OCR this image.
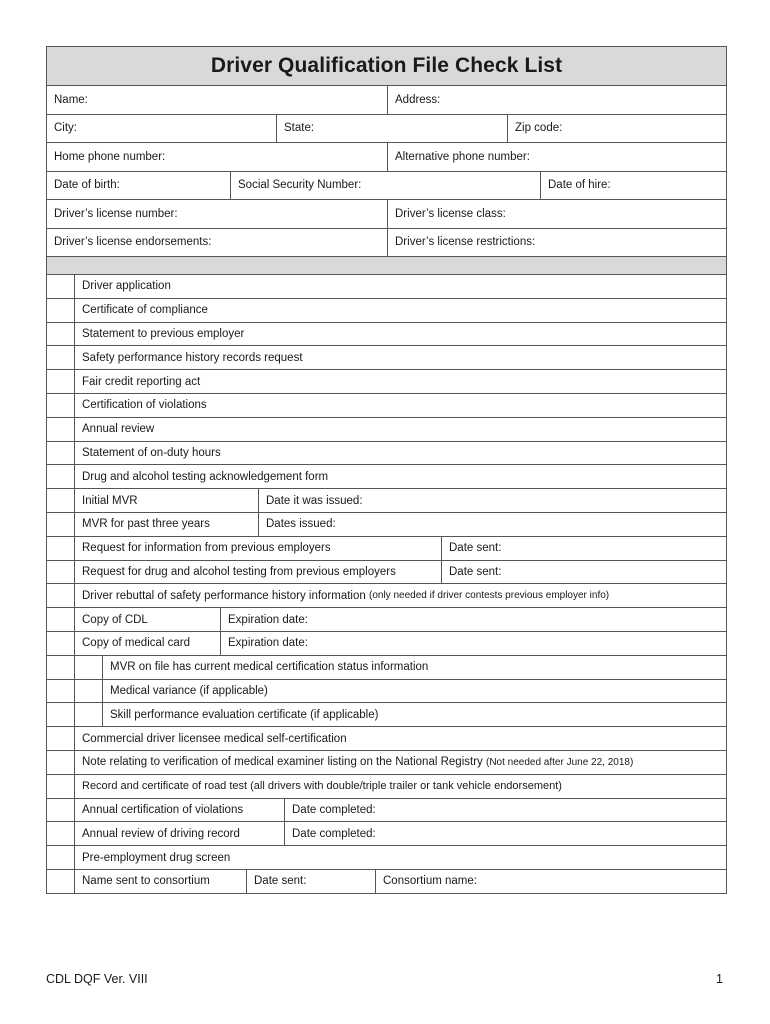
Driver Qualification File Check List
Name:	Address:
City:	State:	Zip code:
Home phone number:	Alternative phone number:
Date of birth:	Social Security Number:	Date of hire:
Driver’s license number:	Driver’s license class:
Driver’s license endorsements:	Driver’s license restrictions:
Driver application
Certificate of compliance
Statement to previous employer
Safety performance history records request
Fair credit reporting act
Certification of violations
Annual review
Statement of on-duty hours
Drug and alcohol testing acknowledgement form
Initial MVR	Date it was issued:
MVR for past three years	Dates issued:
Request for information from previous employers	Date sent:
Request for drug and alcohol testing from previous employers	Date sent:
Driver rebuttal of safety performance history information
(only needed if driver contests previous employer info)
Copy of CDL	Expiration date:
Copy of medical card	Expiration date:
MVR on file has current medical certification status information
Medical variance (if applicable)
Skill performance evaluation certificate (if applicable)
Commercial driver licensee medical self-certification
Note relating to verification of medical examiner listing on the National Registry
(Not needed after June 22, 2018)
Record and certificate of road test (all drivers with double/triple trailer or tank vehicle endorsement)
Annual certification of violations	Date completed:
Annual review of driving record	Date completed:
Pre-employment drug screen
Name sent to consortium	Date sent:	Consortium name:
CDL DQF Ver. VIII	1
